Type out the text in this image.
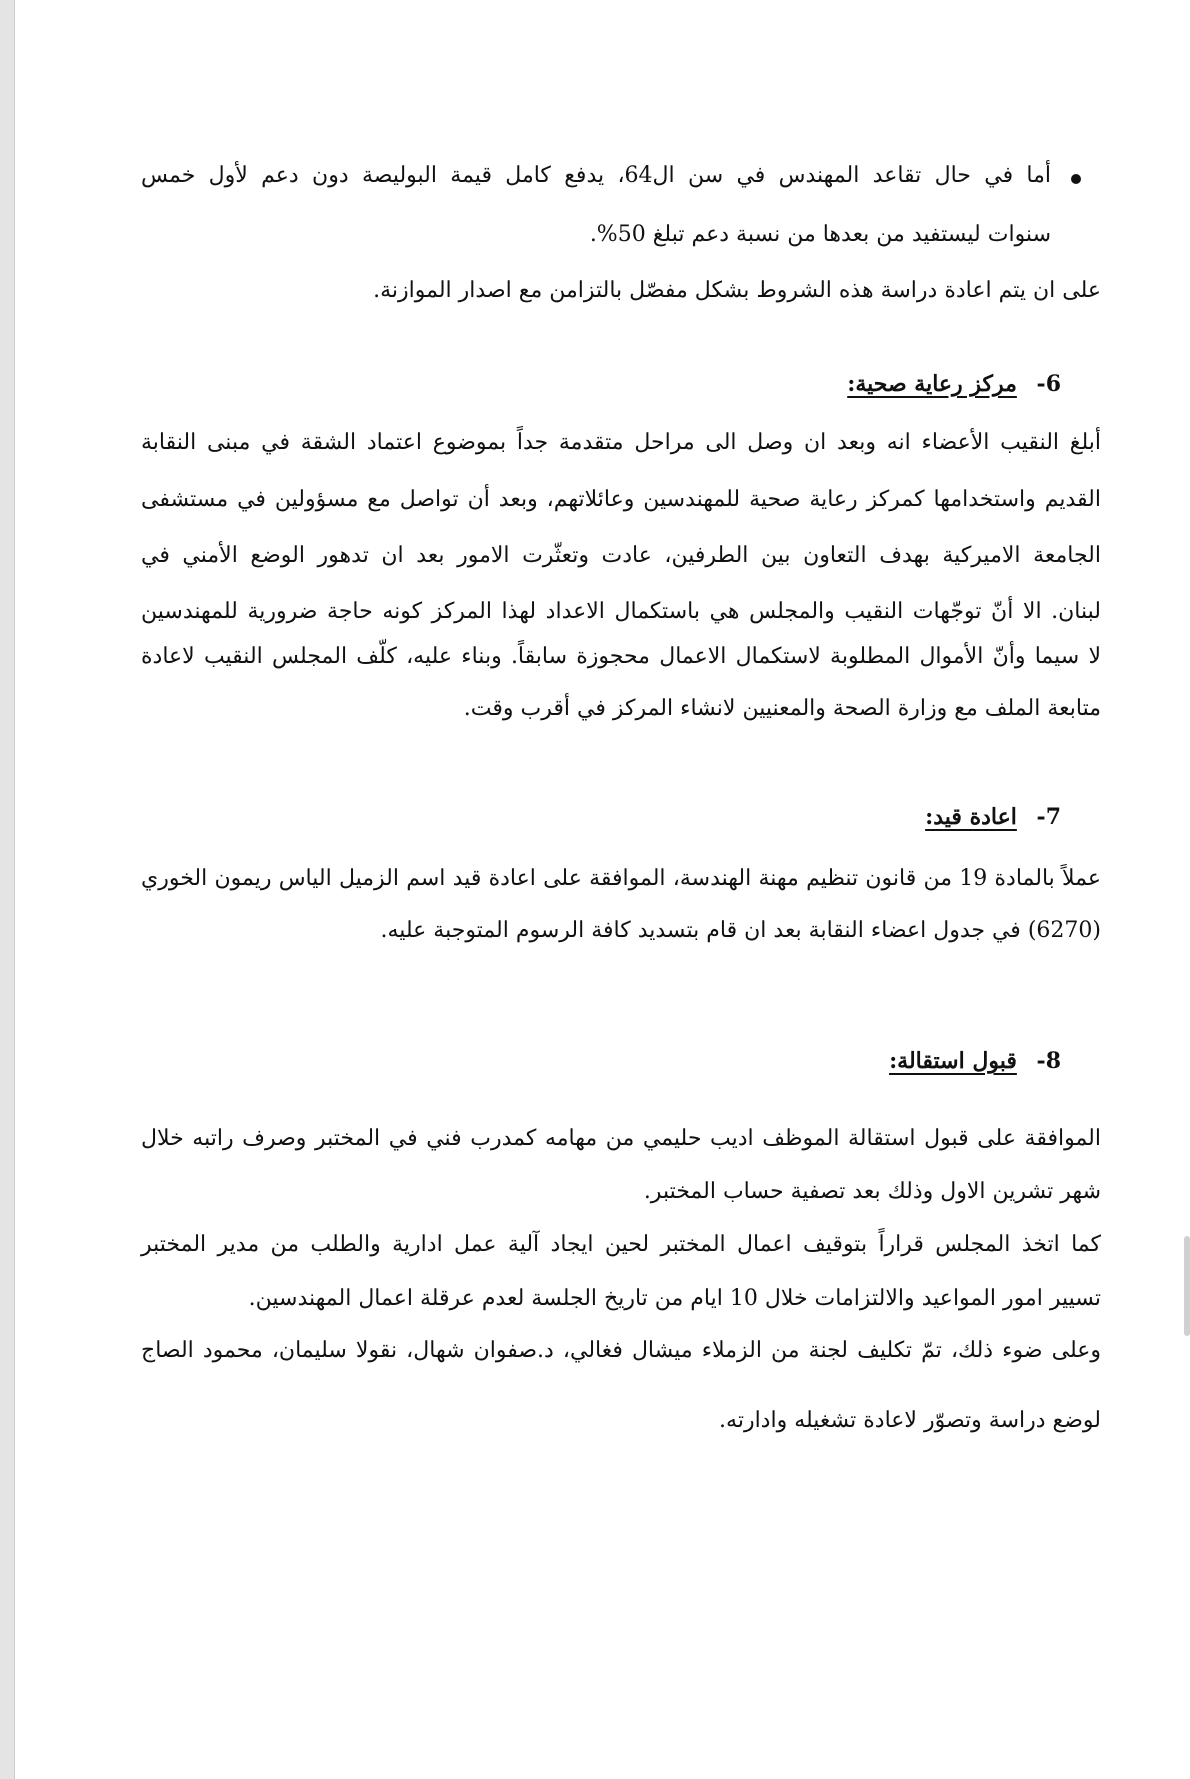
أما في حال تقاعد المهندس في سن ال64، يدفع كامل قيمة البوليصة دون دعم لأول خمس
سنوات ليستفيد من بعدها من نسبة دعم تبلغ 50%.
على ان يتم اعادة دراسة هذه الشروط بشكل مفصّل بالتزامن مع اصدار الموازنة.
6- مركز رعاية صحية:
أبلغ النقيب الأعضاء انه وبعد ان وصل الى مراحل متقدمة جداً بموضوع اعتماد الشقة في مبنى النقابة
القديم واستخدامها كمركز رعاية صحية للمهندسين وعائلاتهم، وبعد أن تواصل مع مسؤولين في مستشفى
الجامعة الاميركية بهدف التعاون بين الطرفين، عادت وتعثّرت الامور بعد ان تدهور الوضع الأمني في
لبنان. الا أنّ توجّهات النقيب والمجلس هي باستكمال الاعداد لهذا المركز كونه حاجة ضرورية للمهندسين
لا سيما وأنّ الأموال المطلوبة لاستكمال الاعمال محجوزة سابقاً. وبناء عليه، كلّف المجلس النقيب لاعادة
متابعة الملف مع وزارة الصحة والمعنيين لانشاء المركز في أقرب وقت.
7- اعادة قيد:
عملاً بالمادة 19 من قانون تنظيم مهنة الهندسة، الموافقة على اعادة قيد اسم الزميل الياس ريمون الخوري
(6270) في جدول اعضاء النقابة بعد ان قام بتسديد كافة الرسوم المتوجبة عليه.
8- قبول استقالة:
الموافقة على قبول استقالة الموظف اديب حليمي من مهامه كمدرب فني في المختبر وصرف راتبه خلال
شهر تشرين الاول وذلك بعد تصفية حساب المختبر.
كما اتخذ المجلس قراراً بتوقيف اعمال المختبر لحين ايجاد آلية عمل ادارية والطلب من مدير المختبر
تسيير امور المواعيد والالتزامات خلال 10 ايام من تاريخ الجلسة لعدم عرقلة اعمال المهندسين.
وعلى ضوء ذلك، تمّ تكليف لجنة من الزملاء ميشال فغالي، د.صفوان شهال، نقولا سليمان، محمود الصاج
لوضع دراسة وتصوّر لاعادة تشغيله وادارته.
